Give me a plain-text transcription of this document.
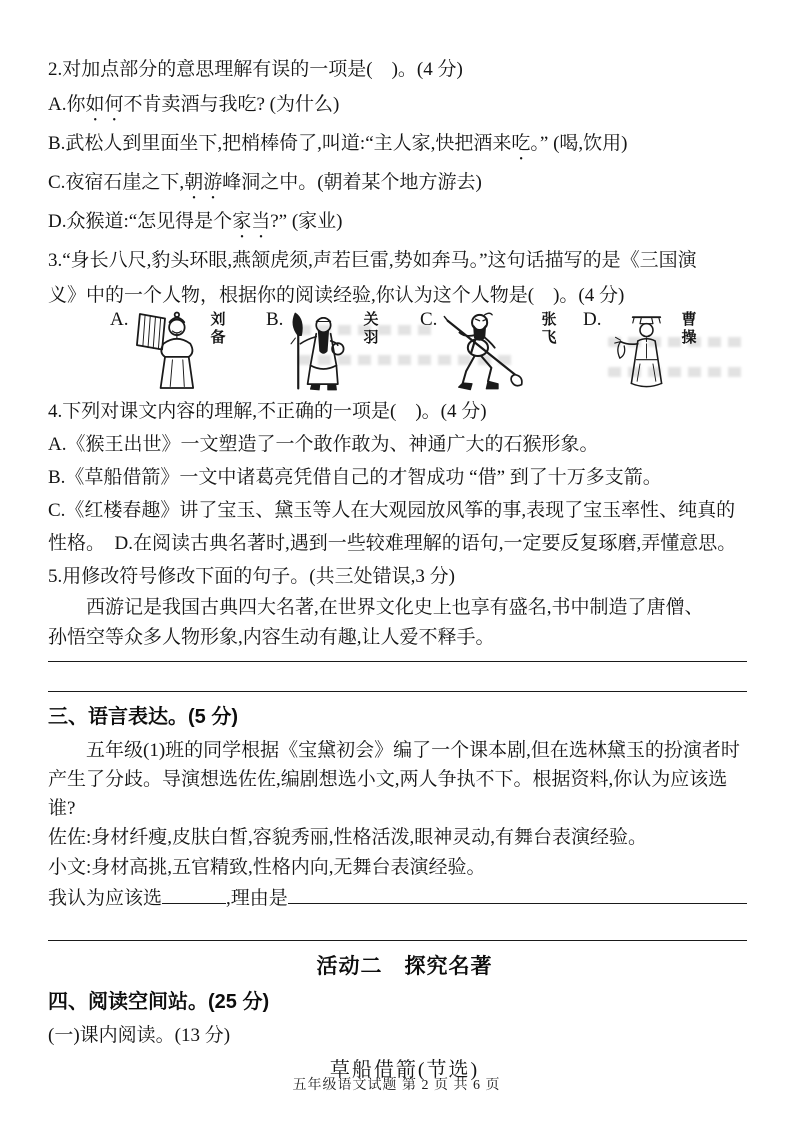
2.对加点部分的意思理解有误的一项是(　)。(4 分)
A.你如何不肯卖酒与我吃? (为什么)
B.武松人到里面坐下,把梢棒倚了,叫道:“主人家,快把酒来吃。” (喝,饮用)
C.夜宿石崖之下,朝游峰洞之中。(朝着某个地方游去)
D.众猴道:“怎见得是个家当?” (家业)
3.“身长八尺,豹头环眼,燕颔虎须,声若巨雷,势如奔马。”这句话描写的是《三国演
义》中的一个人物，根据你的阅读经验,你认为这个人物是(　)。(4 分)
A.	刘备 B.	关羽 C.	张飞 D.	曹操
4.下列对课文内容的理解,不正确的一项是(　)。(4 分)
A.《猴王出世》一文塑造了一个敢作敢为、神通广大的石猴形象。
B.《草船借箭》一文中诸葛亮凭借自己的才智成功 “借” 到了十万多支箭。
C.《红楼春趣》讲了宝玉、黛玉等人在大观园放风筝的事,表现了宝玉率性、纯真的
性格。　D.在阅读古典名著时,遇到一些较难理解的语句,一定要反复琢磨,弄懂意思。
5.用修改符号修改下面的句子。(共三处错误,3 分)
西游记是我国古典四大名著,在世界文化史上也享有盛名,书中制造了唐僧、
孙悟空等众多人物形象,内容生动有趣,让人爱不释手。
三、语言表达。(5 分)
五年级(1)班的同学根据《宝黛初会》编了一个课本剧,但在选林黛玉的扮演者时
产生了分歧。导演想选佐佐,编剧想选小文,两人争执不下。根据资料,你认为应该选
谁?
佐佐:身材纤瘦,皮肤白皙,容貌秀丽,性格活泼,眼神灵动,有舞台表演经验。
小文:身材高挑,五官精致,性格内向,无舞台表演经验。
我认为应该选	,理由是
活动二　探究名著
四、阅读空间站。(25 分)
(一)课内阅读。(13 分)
草船借箭(节选)
五年级语文试题 第 2 页 共 6 页
